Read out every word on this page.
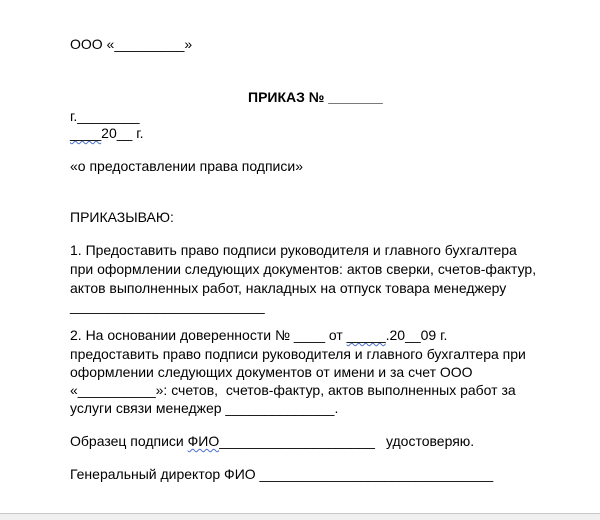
ООО «_________»
ПРИКАЗ № _______
г.________
____20__ г.
«о предоставлении права подписи»
ПРИКАЗЫВАЮ:
1. Предоставить право подписи руководителя и главного бухгалтера
при оформлении следующих документов: актов сверки, счетов-фактур,
актов выполненных работ, накладных на отпуск товара менеджеру
_________________________
2. На основании доверенности № ____ от _____.20__09 г.
предоставить право подписи руководителя и главного бухгалтера при
оформлении следующих документов от имени и за счет ООО
«__________»: счетов,  счетов-фактур, актов выполненных работ за
услуги связи менеджер ______________.
Образец подписи ФИО____________________ удостоверяю.
Генеральный директор ФИО ______________________________
